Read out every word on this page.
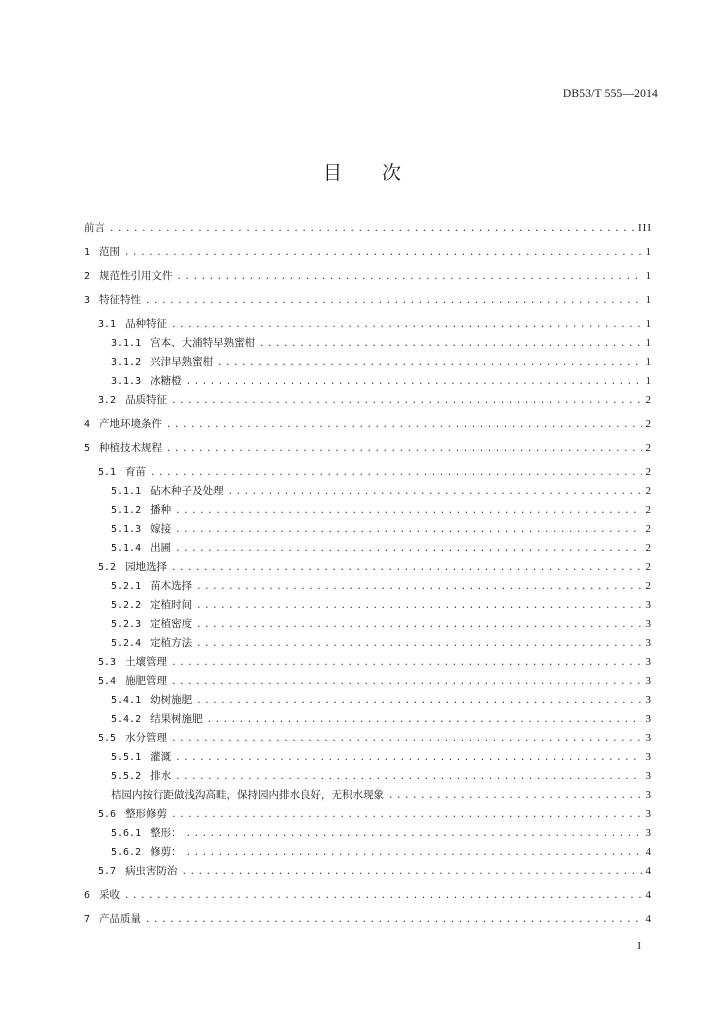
DB53/T 555—2014
目 次
前言 .....	III
1 范围 .....	1
2 规范性引用文件 .....	1
3 特征特性 .....	1
3.1 品种特征 .....	1
3.1.1 宫本、大浦特早熟蜜柑 .....	1
3.1.2 兴津早熟蜜柑 .....	1
3.1.3 冰糖橙 .....	1
3.2 品质特征 .....	2
4 产地环境条件 .....	2
5 种植技术规程 .....	2
5.1 育苗 .....	2
5.1.1 砧木种子及处理 .....	2
5.1.2 播种 .....	2
5.1.3 嫁接 .....	2
5.1.4 出圃 .....	2
5.2 园地选择 .....	2
5.2.1 苗木选择 .....	2
5.2.2 定植时间 .....	3
5.2.3 定植密度 .....	3
5.2.4 定植方法 .....	3
5.3 土壤管理 .....	3
5.4 施肥管理 .....	3
5.4.1 幼树施肥 .....	3
5.4.2 结果树施肥 .....	3
5.5 水分管理 .....	3
5.5.1 灌溉 .....	3
5.5.2 排水 .....	3
桔园内按行距做浅沟高畦，保持园内排水良好，无积水现象 .....	3
5.6 整形修剪 .....	3
5.6.1 整形： .....	3
5.6.2 修剪： .....	4
5.7 病虫害防治 .....	4
6 采收 .....	4
7 产品质量 .....	4
I
